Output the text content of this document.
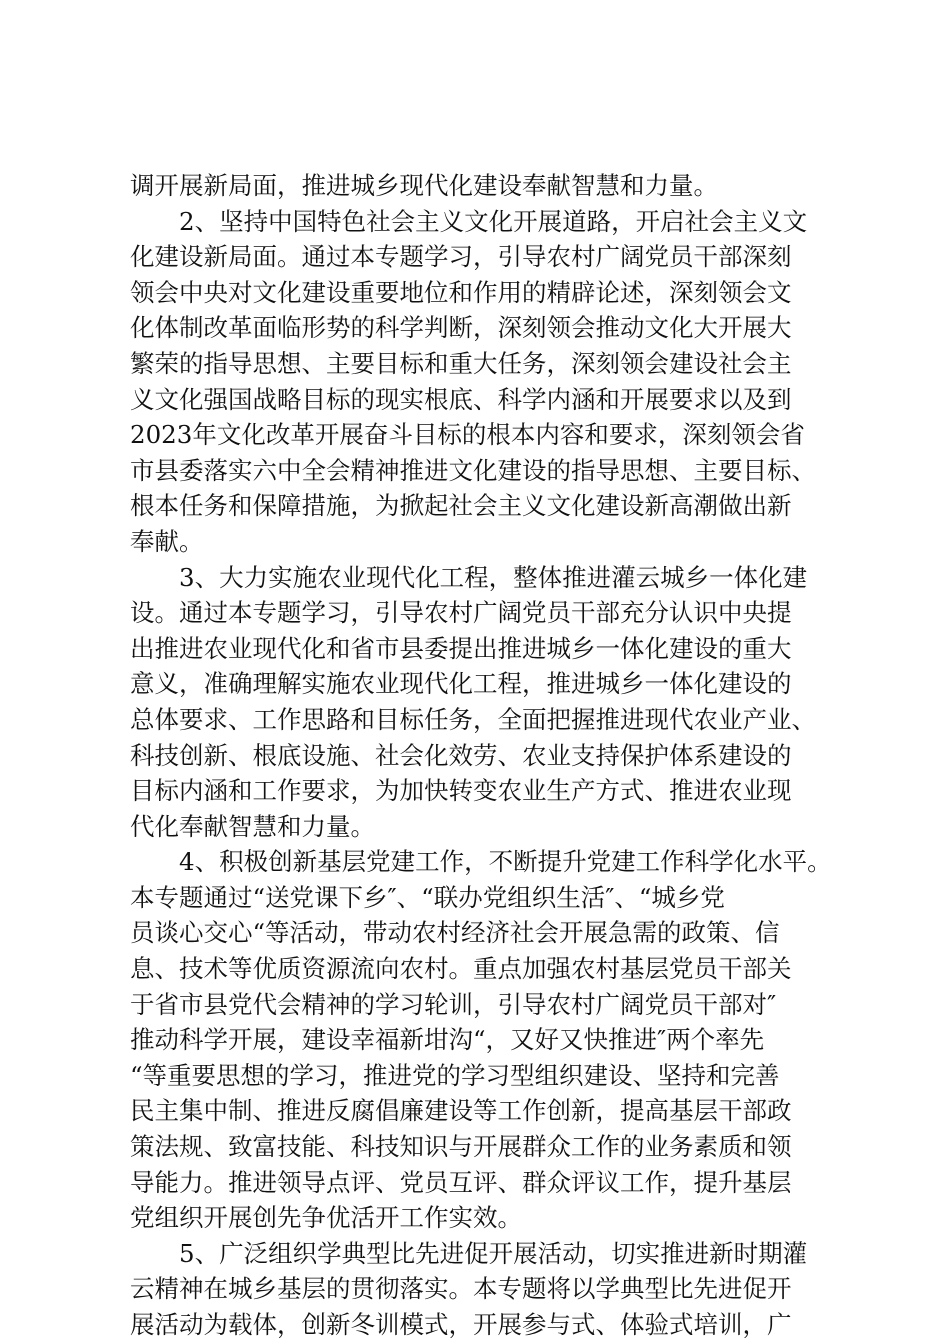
调开展新局面，推进城乡现代化建设奉献智慧和力量。
　　2、坚持中国特色社会主义文化开展道路，开启社会主义文
化建设新局面。通过本专题学习，引导农村广阔党员干部深刻
领会中央对文化建设重要地位和作用的精辟论述，深刻领会文
化体制改革面临形势的科学判断，深刻领会推动文化大开展大
繁荣的指导思想、主要目标和重大任务，深刻领会建设社会主
义文化强国战略目标的现实根底、科学内涵和开展要求以及到
2023年文化改革开展奋斗目标的根本内容和要求，深刻领会省
市县委落实六中全会精神推进文化建设的指导思想、主要目标、
根本任务和保障措施，为掀起社会主义文化建设新高潮做出新
奉献。
　　3、大力实施农业现代化工程，整体推进灌云城乡一体化建
设。通过本专题学习，引导农村广阔党员干部充分认识中央提
出推进农业现代化和省市县委提出推进城乡一体化建设的重大
意义，准确理解实施农业现代化工程，推进城乡一体化建设的
总体要求、工作思路和目标任务，全面把握推进现代农业产业、
科技创新、根底设施、社会化效劳、农业支持保护体系建设的
目标内涵和工作要求，为加快转变农业生产方式、推进农业现
代化奉献智慧和力量。
　　4、积极创新基层党建工作，不断提升党建工作科学化水平。
本专题通过“送党课下乡″、“联办党组织生活″、“城乡党
员谈心交心“等活动，带动农村经济社会开展急需的政策、信
息、技术等优质资源流向农村。重点加强农村基层党员干部关
于省市县党代会精神的学习轮训，引导农村广阔党员干部对″
推动科学开展，建设幸福新坩沟“，又好又快推进″两个率先
“等重要思想的学习，推进党的学习型组织建设、坚持和完善
民主集中制、推进反腐倡廉建设等工作创新，提高基层干部政
策法规、致富技能、科技知识与开展群众工作的业务素质和领
导能力。推进领导点评、党员互评、群众评议工作，提升基层
党组织开展创先争优活开工作实效。
　　5、广泛组织学典型比先进促开展活动，切实推进新时期灌
云精神在城乡基层的贯彻落实。本专题将以学典型比先进促开
展活动为载体，创新冬训模式，开展参与式、体验式培训，广
